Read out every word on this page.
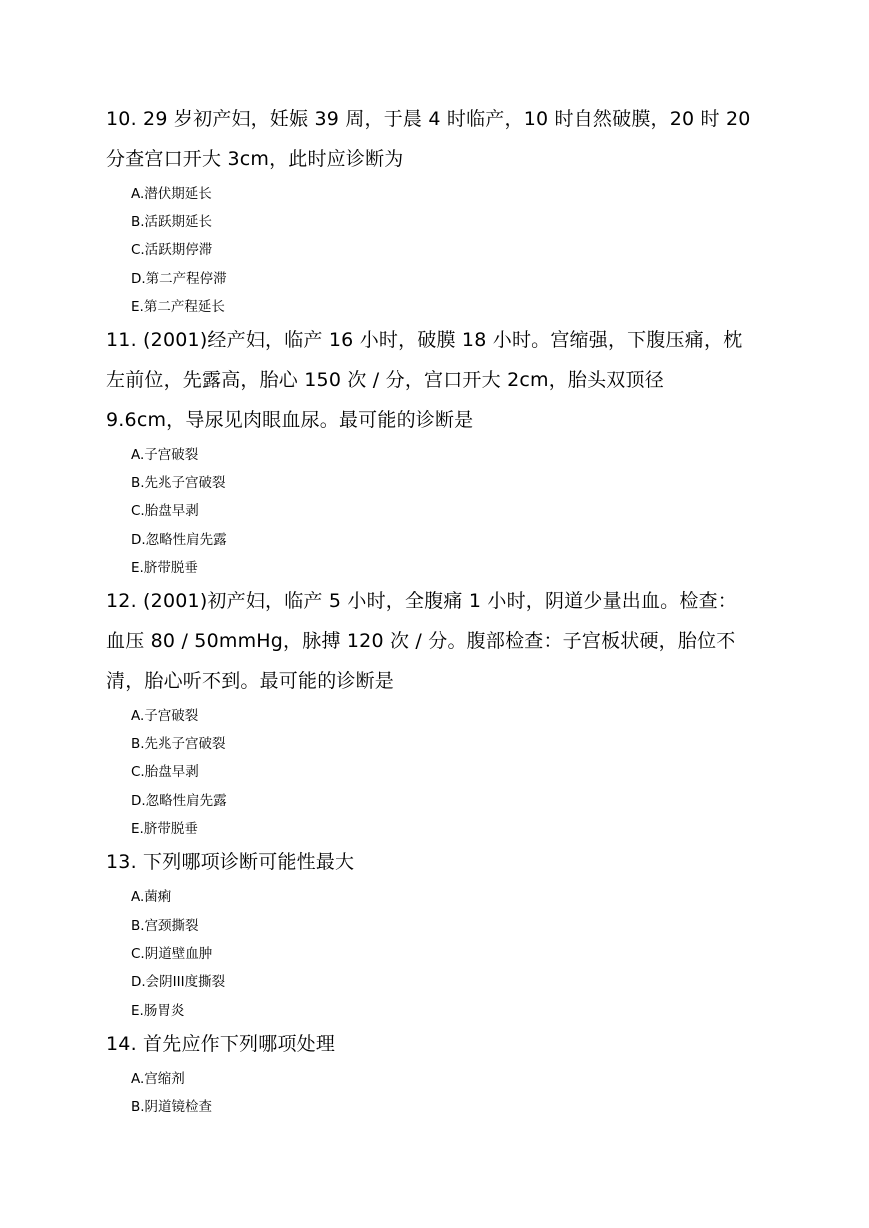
10. 29 岁初产妇，妊娠 39 周，于晨 4 时临产，10 时自然破膜，20 时 20
分查宫口开大 3cm，此时应诊断为
A.潜伏期延长
B.活跃期延长
C.活跃期停滞
D.第二产程停滞
E.第二产程延长
11. (2001)经产妇，临产 16 小时，破膜 18 小时。宫缩强，下腹压痛，枕
左前位，先露高，胎心 150 次 / 分，宫口开大 2cm，胎头双顶径
9.6cm，导尿见肉眼血尿。最可能的诊断是
A.子宫破裂
B.先兆子宫破裂
C.胎盘早剥
D.忽略性肩先露
E.脐带脱垂
12. (2001)初产妇，临产 5 小时，全腹痛 1 小时，阴道少量出血。检查：
血压 80 / 50mmHg，脉搏 120 次 / 分。腹部检查：子宫板状硬，胎位不
清，胎心听不到。最可能的诊断是
A.子宫破裂
B.先兆子宫破裂
C.胎盘早剥
D.忽略性肩先露
E.脐带脱垂
13. 下列哪项诊断可能性最大
A.菌痢
B.宫颈撕裂
C.阴道壁血肿
D.会阴III度撕裂
E.肠胃炎
14. 首先应作下列哪项处理
A.宫缩剂
B.阴道镜检查
